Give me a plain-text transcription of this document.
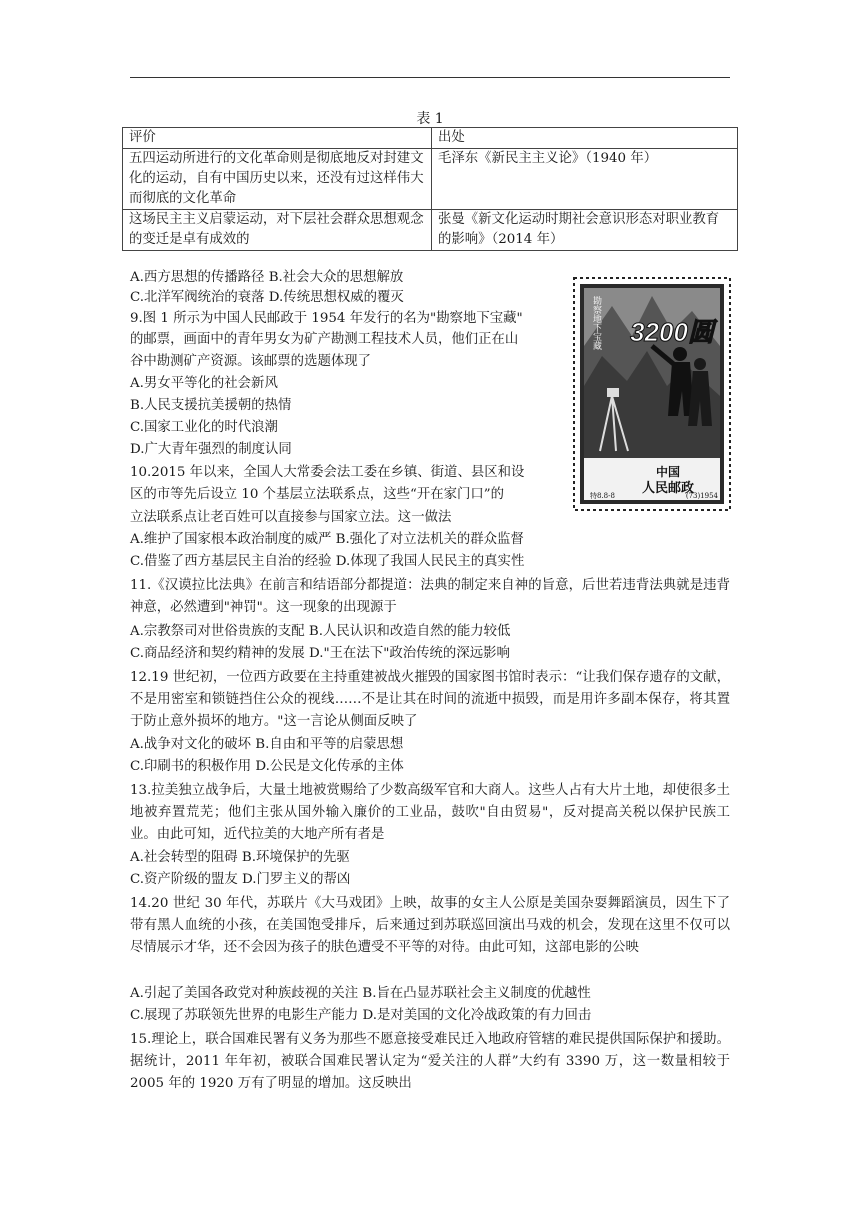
表 1
评价	出处
五四运动所进行的文化革命则是彻底地反对封建文化的运动，自有中国历史以来，还没有过这样伟大而彻底的文化革命	毛泽东《新民主主义论》（1940 年）
这场民主主义启蒙运动，对下层社会群众思想观念的变迁是卓有成效的	张曼《新文化运动时期社会意识形态对职业教育的影响》（2014 年）
A.西方思想的传播路径 B.社会大众的思想解放
C.北洋军阀统治的衰落 D.传统思想权威的覆灭
9.图 1 所示为中国人民邮政于 1954 年发行的名为"勘察地下宝藏"
的邮票，画面中的青年男女为矿产勘测工程技术人员，他们正在山
谷中勘测矿产资源。该邮票的选题体现了
A.男女平等化的社会新风
B.人民支援抗美援朝的热情
C.国家工业化的时代浪潮
D.广大青年强烈的制度认同
3200圆
勘察地下宝藏
中国
人民邮政
特8.8-8	(73)1954
10.2015 年以来，全国人大常委会法工委在乡镇、街道、县区和设
区的市等先后设立 10 个基层立法联系点，这些“开在家门口”的
立法联系点让老百姓可以直接参与国家立法。这一做法
A.维护了国家根本政治制度的威严 B.强化了对立法机关的群众监督
C.借鉴了西方基层民主自治的经验 D.体现了我国人民民主的真实性
11.《汉谟拉比法典》在前言和结语部分都提道：法典的制定来自神的旨意，后世若违背法典就是违背神意，必然遭到"神罚"。这一现象的出现源于
A.宗教祭司对世俗贵族的支配 B.人民认识和改造自然的能力较低
C.商品经济和契约精神的发展 D."王在法下"政治传统的深远影响
12.19 世纪初，一位西方政要在主持重建被战火摧毁的国家图书馆时表示：“让我们保存遗存的文献，不是用密室和锁链挡住公众的视线……不是让其在时间的流逝中损毁，而是用许多副本保存，将其置于防止意外损坏的地方。"这一言论从侧面反映了
A.战争对文化的破坏 B.自由和平等的启蒙思想
C.印刷书的积极作用 D.公民是文化传承的主体
13.拉美独立战争后，大量土地被赏赐给了少数高级军官和大商人。这些人占有大片土地，却使很多土地被弃置荒芜；他们主张从国外输入廉价的工业品，鼓吹"自由贸易"，反对提高关税以保护民族工业。由此可知，近代拉美的大地产所有者是
A.社会转型的阻碍 B.环境保护的先驱
C.资产阶级的盟友 D.门罗主义的帮凶
14.20 世纪 30 年代，苏联片《大马戏团》上映，故事的女主人公原是美国杂耍舞蹈演员，因生下了带有黑人血统的小孩，在美国饱受排斥，后来通过到苏联巡回演出马戏的机会，发现在这里不仅可以尽情展示才华，还不会因为孩子的肤色遭受不平等的对待。由此可知，这部电影的公映
A.引起了美国各政党对种族歧视的关注 B.旨在凸显苏联社会主义制度的优越性
C.展现了苏联领先世界的电影生产能力 D.是对美国的文化冷战政策的有力回击
15.理论上，联合国难民署有义务为那些不愿意接受难民迁入地政府管辖的难民提供国际保护和援助。据统计，2011 年年初，被联合国难民署认定为“爱关注的人群”大约有 3390 万，这一数量相较于 2005 年的 1920 万有了明显的增加。这反映出
